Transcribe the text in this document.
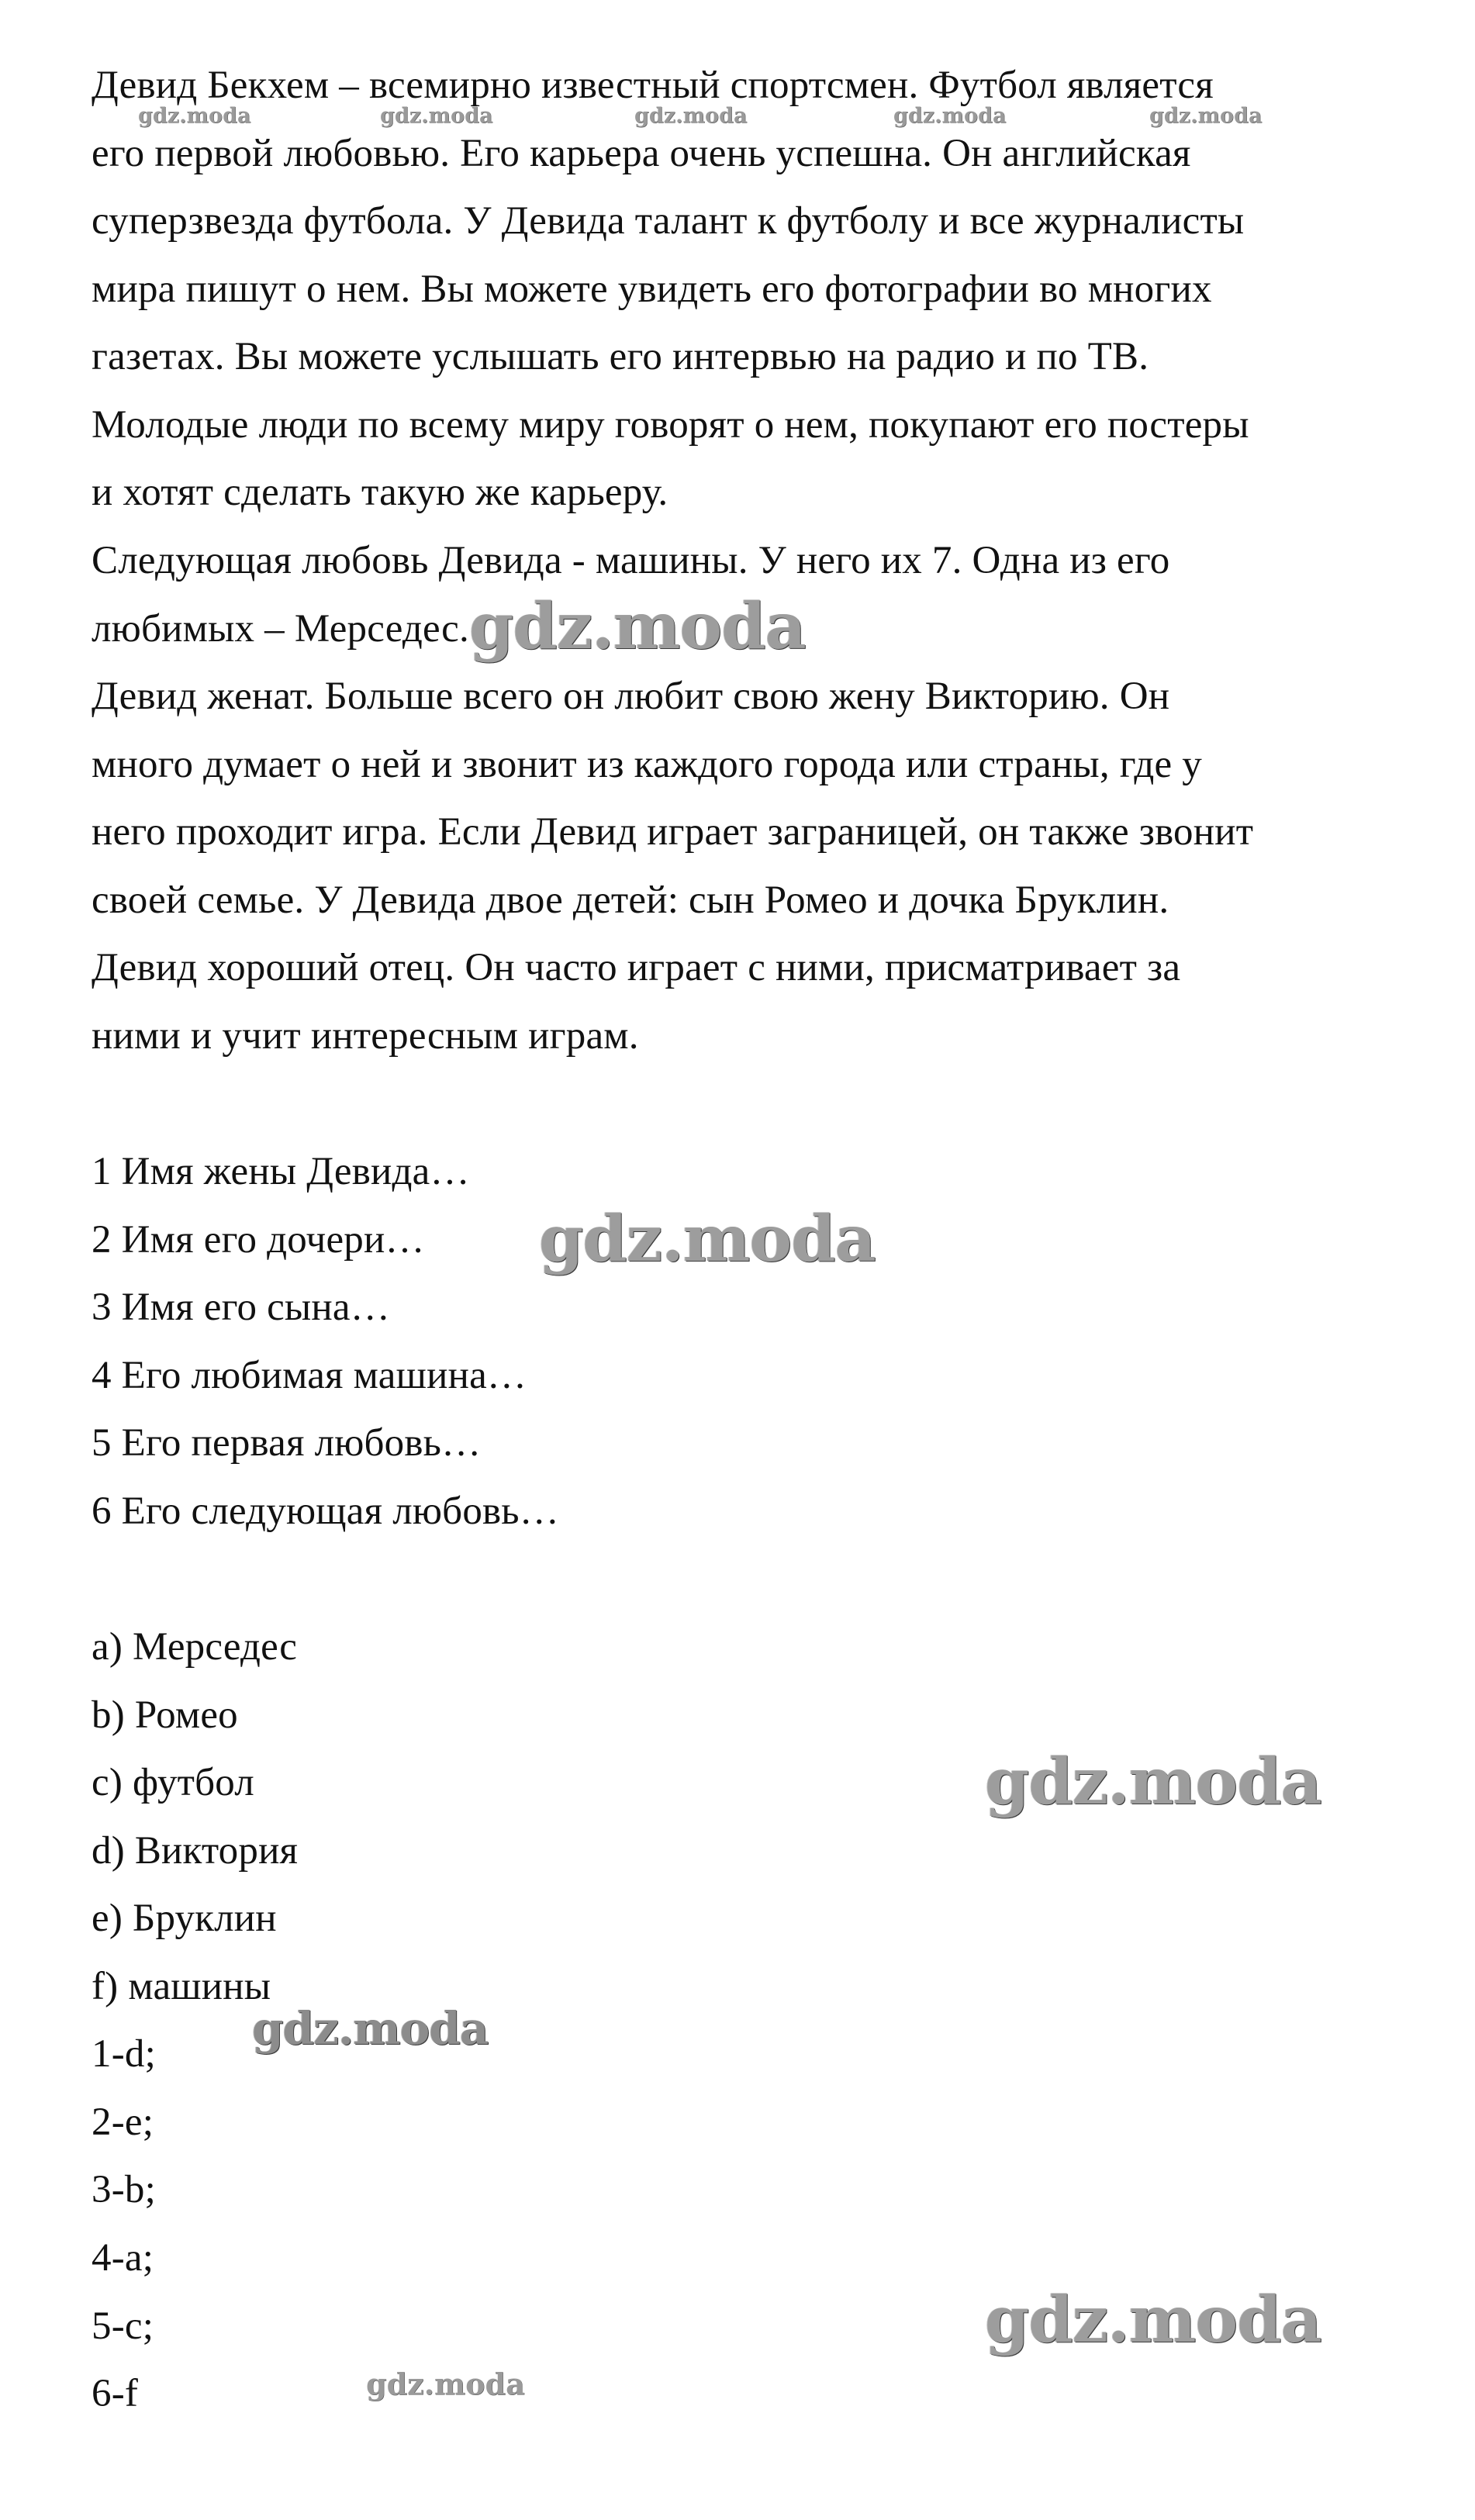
Девид Бекхем – всемирно известный спортсмен. Футбол является
его первой любовью. Его карьера очень успешна. Он английская
суперзвезда футбола. У Девида талант к футболу и все журналисты
мира пишут о нем. Вы можете увидеть его фотографии во многих
газетах. Вы можете услышать его интервью на радио и по ТВ.
Молодые люди по всему миру говорят о нем, покупают его постеры
и хотят сделать такую же карьеру.
Следующая любовь Девида - машины. У него их 7. Одна из его
любимых – Мерседес.
Девид женат. Больше всего он любит свою жену Викторию. Он
много думает о ней и звонит из каждого города или страны, где у
него проходит игра. Если Девид играет заграницей, он также звонит
своей семье. У Девида двое детей: сын Ромео и дочка Бруклин.
Девид хороший отец. Он часто играет с ними, присматривает за
ними и учит интересным играм.
1 Имя жены Девида…
2 Имя его дочери…
3 Имя его сына…
4 Его любимая машина…
5 Его первая любовь…
6 Его следующая любовь…
a) Мерседес
b) Ромео
c) футбол
d) Виктория
e) Бруклин
f) машины
1-d;
2-e;
3-b;
4-a;
5-c;
6-f
gdz.moda	gdz.moda	gdz.moda	gdz.moda	gdz.moda
gdz.moda
gdz.moda
gdz.moda
gdz.moda
gdz.moda
gdz.moda
